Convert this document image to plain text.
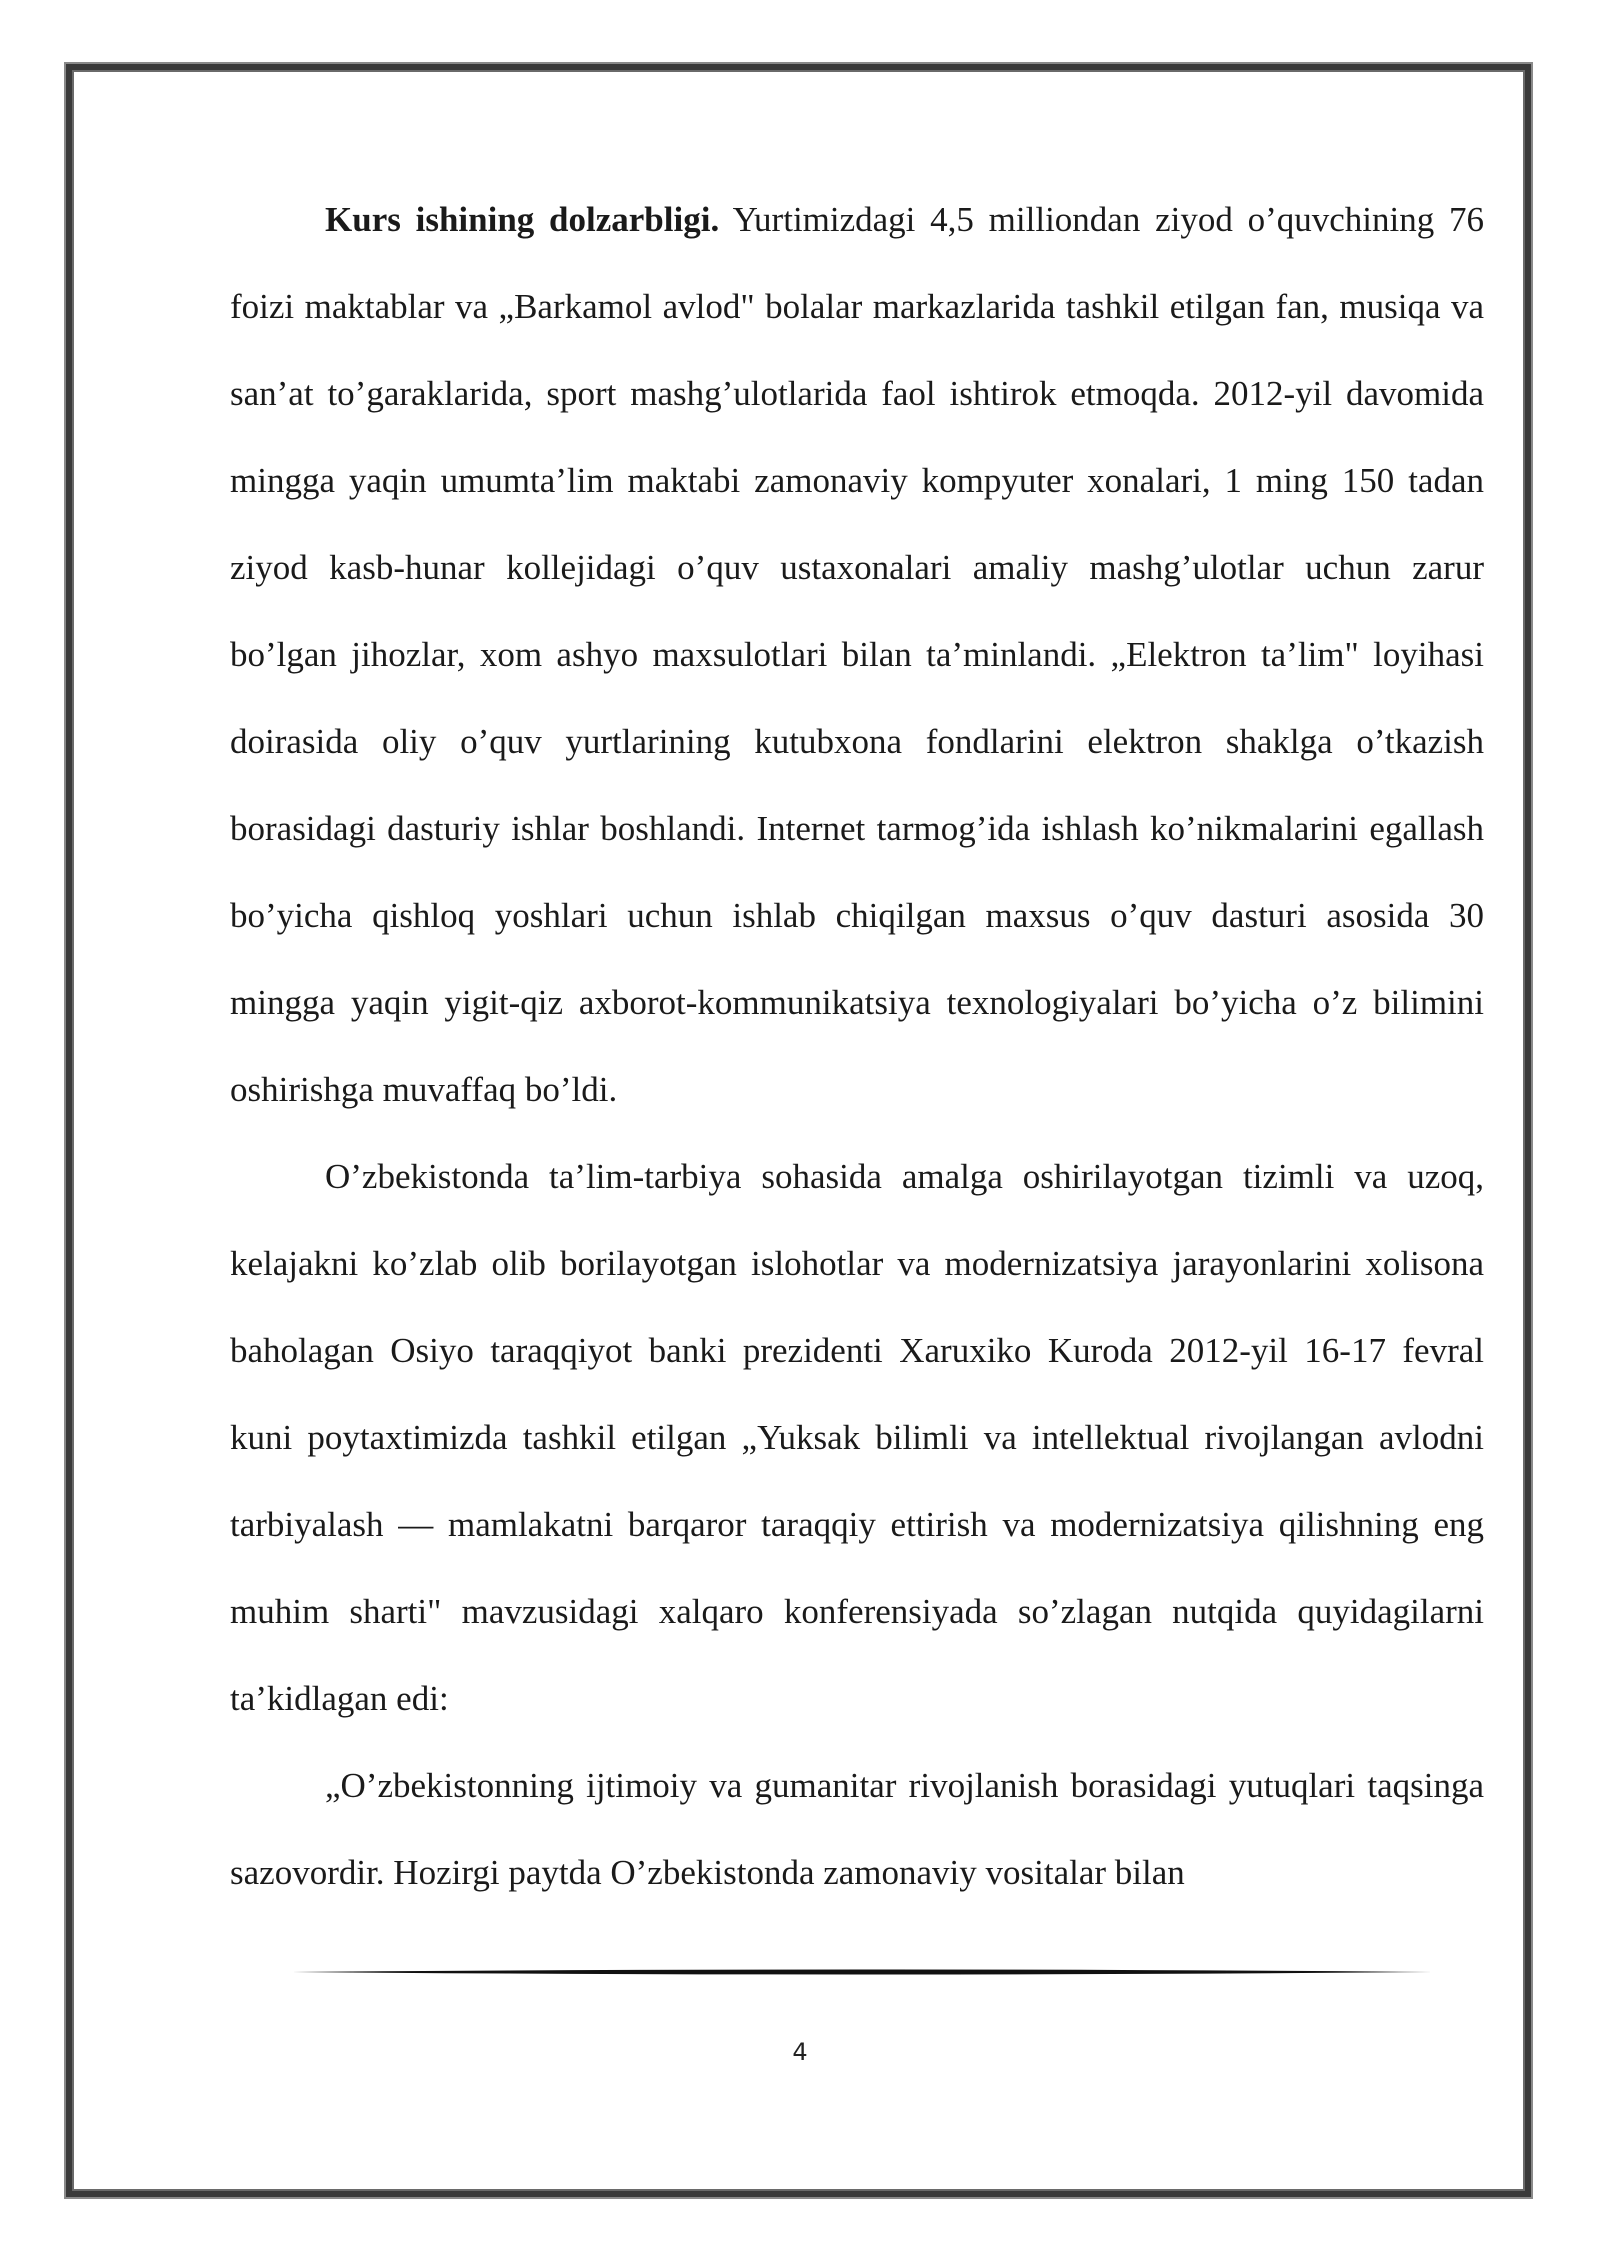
Kurs ishining dolzarbligi. Yurtimizdagi 4,5 milliondan ziyod o’quvchining 76 foizi maktablar va „Barkamol avlod" bolalar markazlarida tashkil etilgan fan, musiqa va san’at to’garaklarida, sport mashg’ulotlarida faol ishtirok etmoqda. 2012-yil davomida mingga yaqin umumta’lim maktabi zamonaviy kompyuter xonalari, 1 ming 150 tadan ziyod kasb-hunar kollejidagi o’quv ustaxonalari amaliy mashg’ulotlar uchun zarur bo’lgan jihozlar, xom ashyo maxsulotlari bilan ta’minlandi. „Elektron ta’lim" loyihasi doirasida oliy o’quv yurtlarining kutubxona fondlarini elektron shaklga o’tkazish borasidagi dasturiy ishlar boshlandi. Internet tarmog’ida ishlash ko’nikmalarini egallash bo’yicha qishloq yoshlari uchun ishlab chiqilgan maxsus o’quv dasturi asosida 30 mingga yaqin yigit-qiz axborot-kommunikatsiya texnologiyalari bo’yicha o’z bilimini oshirishga muvaffaq bo’ldi.

O’zbekistonda ta’lim-tarbiya sohasida amalga oshirilayotgan tizimli va uzoq, kelajakni ko’zlab olib borilayotgan islohotlar va modernizatsiya jarayonlarini xolisona baholagan Osiyo taraqqiyot banki prezidenti Xaruxiko Kuroda 2012-yil 16-17 fevral kuni poytaxtimizda tashkil etilgan „Yuksak bilimli va intellektual rivojlangan avlodni tarbiyalash — mamlakatni barqaror taraqqiy ettirish va modernizatsiya qilishning eng muhim sharti" mavzusidagi xalqaro konferensiyada so’zlagan nutqida quyidagilarni ta’kidlagan edi:

„O’zbekistonning ijtimoiy va gumanitar rivojlanish borasidagi yutuqlari taqsinga sazovordir. Hozirgi paytda O’zbekistonda zamonaviy vositalar bilan

4
